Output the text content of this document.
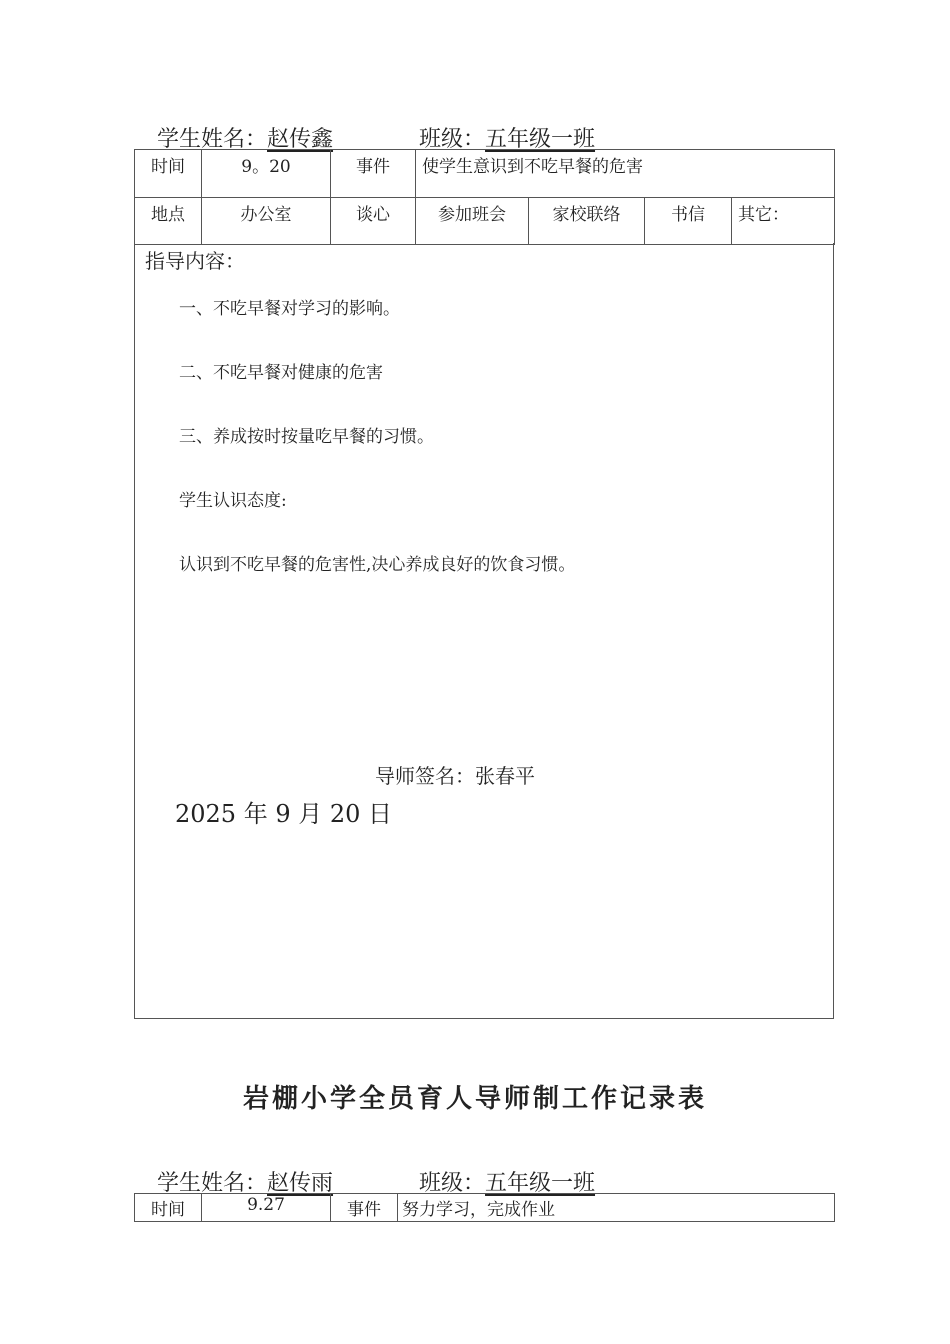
学生姓名：赵传鑫	班级：五年级一班
时间	9。20	事件	使学生意识到不吃早餐的危害			
地点	办公室	谈心	参加班会	家校联络	书信	其它：
指导内容：
一、不吃早餐对学习的影响。
二、不吃早餐对健康的危害
三、养成按时按量吃早餐的习惯。
学生认识态度:
认识到不吃早餐的危害性,决心养成良好的饮食习惯。
导师签名：张春平
2025 年 9 月 20 日
岩棚小学全员育人导师制工作记录表
学生姓名：赵传雨	班级：五年级一班
时间	9.27	事件	努力学习，完成作业
